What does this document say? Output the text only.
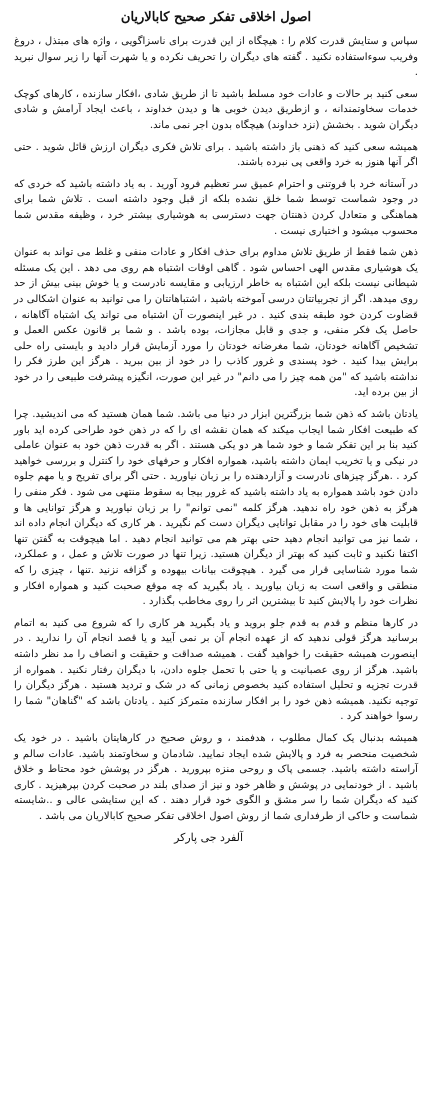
اصول اخلاقی تفکر صحیح کابالاریان

سپاس و ستایش قدرت کلام را : هیچگاه از این قدرت برای ناسزاگویی ، واژه های مبتذل ، دروغ وفریب سوءاستفاده نکنید . گفته های دیگران را تحریف نکرده و یا شهرت آنها را زیر سوال نبرید .

سعی کنید بر حالات و عادات خود مسلط باشید تا از طریق شادی ،افکار سازنده ، کارهای کوچک خدمات سخاوتمندانه ، و ازطریق دیدن خوبی ها و دیدن خداوند ، باعث ایجاد آرامش و شادی دیگران شوید . بخشش (نزد خداوند) هیچگاه بدون اجر نمی ماند.

همیشه سعی کنید که ذهنی باز داشته باشید . برای تلاش فکری دیگران ارزش قائل شوید . حتی اگر آنها هنوز به خرد واقعی پی نبرده باشند.

در آستانه خرد با فروتنی و احترام عمیق سر تعظیم فرود آورید . به یاد داشته باشید که خردی که در وجود شماست توسط شما خلق نشده بلکه از قبل وجود داشته است . تلاش شما برای هماهنگی و متعادل کردن ذهنتان جهت دسترسی به هوشیاری بیشتر خرد ، وظیفه مقدس شما محسوب میشود و اختیاری نیست .

ذهن شما فقط از طریق تلاش مداوم برای حذف افکار و عادات منفی و غلط می تواند به عنوان یک هوشیاری مقدس الهی احساس شود . گاهی اوقات اشتباه هم روی می دهد . این یک مسئله شیطانی نیست بلکه این اشتباه به خاطر ارزیابی و مقایسه نادرست و یا خوش بینی بیش از حد روی میدهد. اگر از تجربیاتتان درسی آموخته باشید ، اشتباهاتتان را می توانید به عنوان اشکالی در قضاوت کردن خود طبقه بندی کنید . در غیر اینصورت آن اشتباه می تواند یک اشتباه آگاهانه ، حاصل یک فکر منفی، و جدی و قابل مجازات، بوده باشد . و شما بر قانون عکس العمل و تشخیص آگاهانه خودتان، شما مغرضانه خودتان را مورد آزمایش قرار دادید و بایستی راه حلی برایش بیدا کنید . خود پسندی و غرور کاذب را در خود از بین ببرید . هرگز این طرز فکر را نداشته باشید که "من همه چیز را می دانم" در غیر این صورت، انگیزه پیشرفت طبیعی را در خود از بین برده اید.

یادتان باشد که ذهن شما بزرگترین ابزار در دنیا می باشد. شما همان هستید که می اندیشید. چرا که طبیعت افکار شما ایجاب میکند که همان نقشه ای را که در ذهن خود طراحی کرده اید باور کنید بنا بر این تفکر شما و خود شما هر دو یکی هستند . اگر به قدرت ذهن خود به عنوان عاملی در نیکی و یا تخریب ایمان داشته باشید، همواره افکار و حرفهای خود را کنترل و بررسی خواهید کرد . .هرگز چیزهای نادرست و آزاردهنده را بر زبان نیاورید . حتی اگر برای تفریح و یا مهم جلوه دادن خود باشد همواره به یاد داشته باشید که غرور بیجا به سقوط منتهی می شود . فکر منفی را هرگز به ذهن خود راه ندهید. هرگز کلمه "نمی توانم" را بر زبان نیاورید و هرگز توانایی ها و قابلیت های خود را در مقابل توانایی دیگران دست کم نگیرید . هر کاری که دیگران انجام داده اند ، شما نیز می توانید انجام دهید حتی بهتر هم می توانید انجام دهید . اما هیچوقت به گفتن تنها اکتفا نکنید و ثابت کنید که بهتر از دیگران هستید. زیرا تنها در صورت تلاش و عمل ، و عملکرد، شما مورد شناسایی قرار می گیرد . هیچوقت بیانات بیهوده و گزافه نزنید .تنها ، چیزی را که منطقی و واقعی است به زبان بیاورید . یاد بگیرید که چه موقع صحبت کنید و همواره افکار و نظرات خود را پالایش کنید تا بیشترین اثر را روی مخاطب بگذارد .

در کارها منظم و قدم به قدم جلو بروید و یاد بگیرید هر کاری را که شروع می کنید به اتمام برسانید هرگز قولی ندهید که از عهده انجام آن بر نمی آیید و یا قصد انجام آن را ندارید . در اینصورت همیشه حقیقت را خواهید گفت . همیشه صداقت و حقیقت و انصاف را مد نظر داشته باشید. هرگز از روی عصبانیت و یا حتی با تحمل جلوه دادن، با دیگران رفتار نکنید . همواره از قدرت تجزیه و تحلیل استفاده کنید بخصوص زمانی که در شک و تردید هستید . هرگز دیگران را توجیه نکنید. همیشه ذهن خود را بر افکار سازنده متمرکز کنید . یادتان باشد که "گناهان" شما را رسوا خواهند کرد .

همیشه بدنبال یک کمال مطلوب ، هدفمند ، و روش صحیح در کارهایتان باشید . در خود یک شخصیت منحصر به فرد و پالایش شده ایجاد نمایید. شادمان و سخاوتمند باشید. عادات سالم و آراسته داشته باشید. جسمی پاک و روحی منزه بپرورید . هرگز در پوشش خود محتاط و خلاق باشید . از خودنمایی در پوشش و ظاهر خود و نیز از صدای بلند در صحبت کردن بپرهیزید . کاری کنید که دیگران شما را سر مشق و الگوی خود قرار دهند . که این ستایشی عالی و ..شایسته شماست و حاکی از طرفداری شما از روش اصول اخلاقی تفکر صحیح کابالاریان می باشد .

آلفرد جی پارکر
